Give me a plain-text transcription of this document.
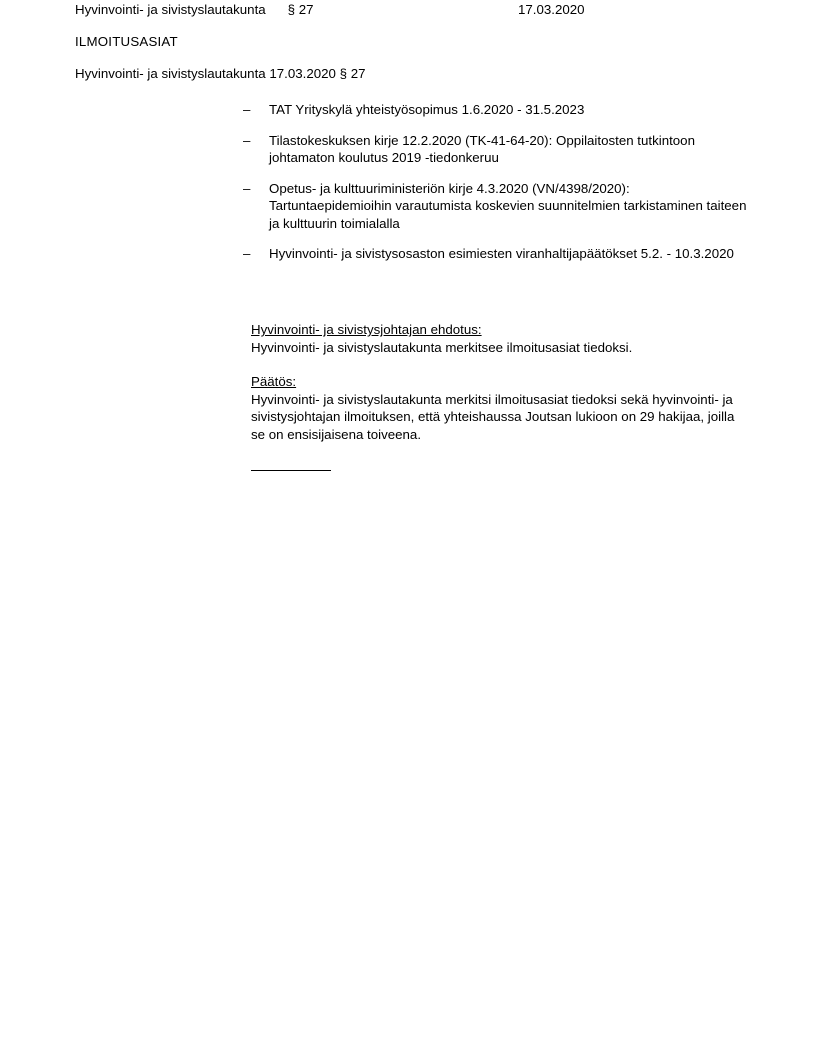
Hyvinvointi- ja sivistyslautakunta § 27	17.03.2020
ILMOITUSASIAT
Hyvinvointi- ja sivistyslautakunta 17.03.2020 § 27
– TAT Yrityskylä yhteistyösopimus 1.6.2020 - 31.5.2023
– Tilastokeskuksen kirje 12.2.2020 (TK-41-64-20): Oppilaitosten tutkintoon johtamaton koulutus 2019 -tiedonkeruu
– Opetus- ja kulttuuriministeriön kirje 4.3.2020 (VN/4398/2020): Tartuntaepidemioihin varautumista koskevien suunnitelmien tarkistaminen taiteen ja kulttuurin toimialalla
– Hyvinvointi- ja sivistysosaston esimiesten viranhaltijapäätökset 5.2. - 10.3.2020
Hyvinvointi- ja sivistysjohtajan ehdotus:
Hyvinvointi- ja sivistyslautakunta merkitsee ilmoitusasiat tiedoksi.
Päätös:
Hyvinvointi- ja sivistyslautakunta merkitsi ilmoitusasiat tiedoksi sekä hyvinvointi- ja sivistysjohtajan ilmoituksen, että yhteishaussa Joutsan lukioon on 29 hakijaa, joilla se on ensisijaisena toiveena.
